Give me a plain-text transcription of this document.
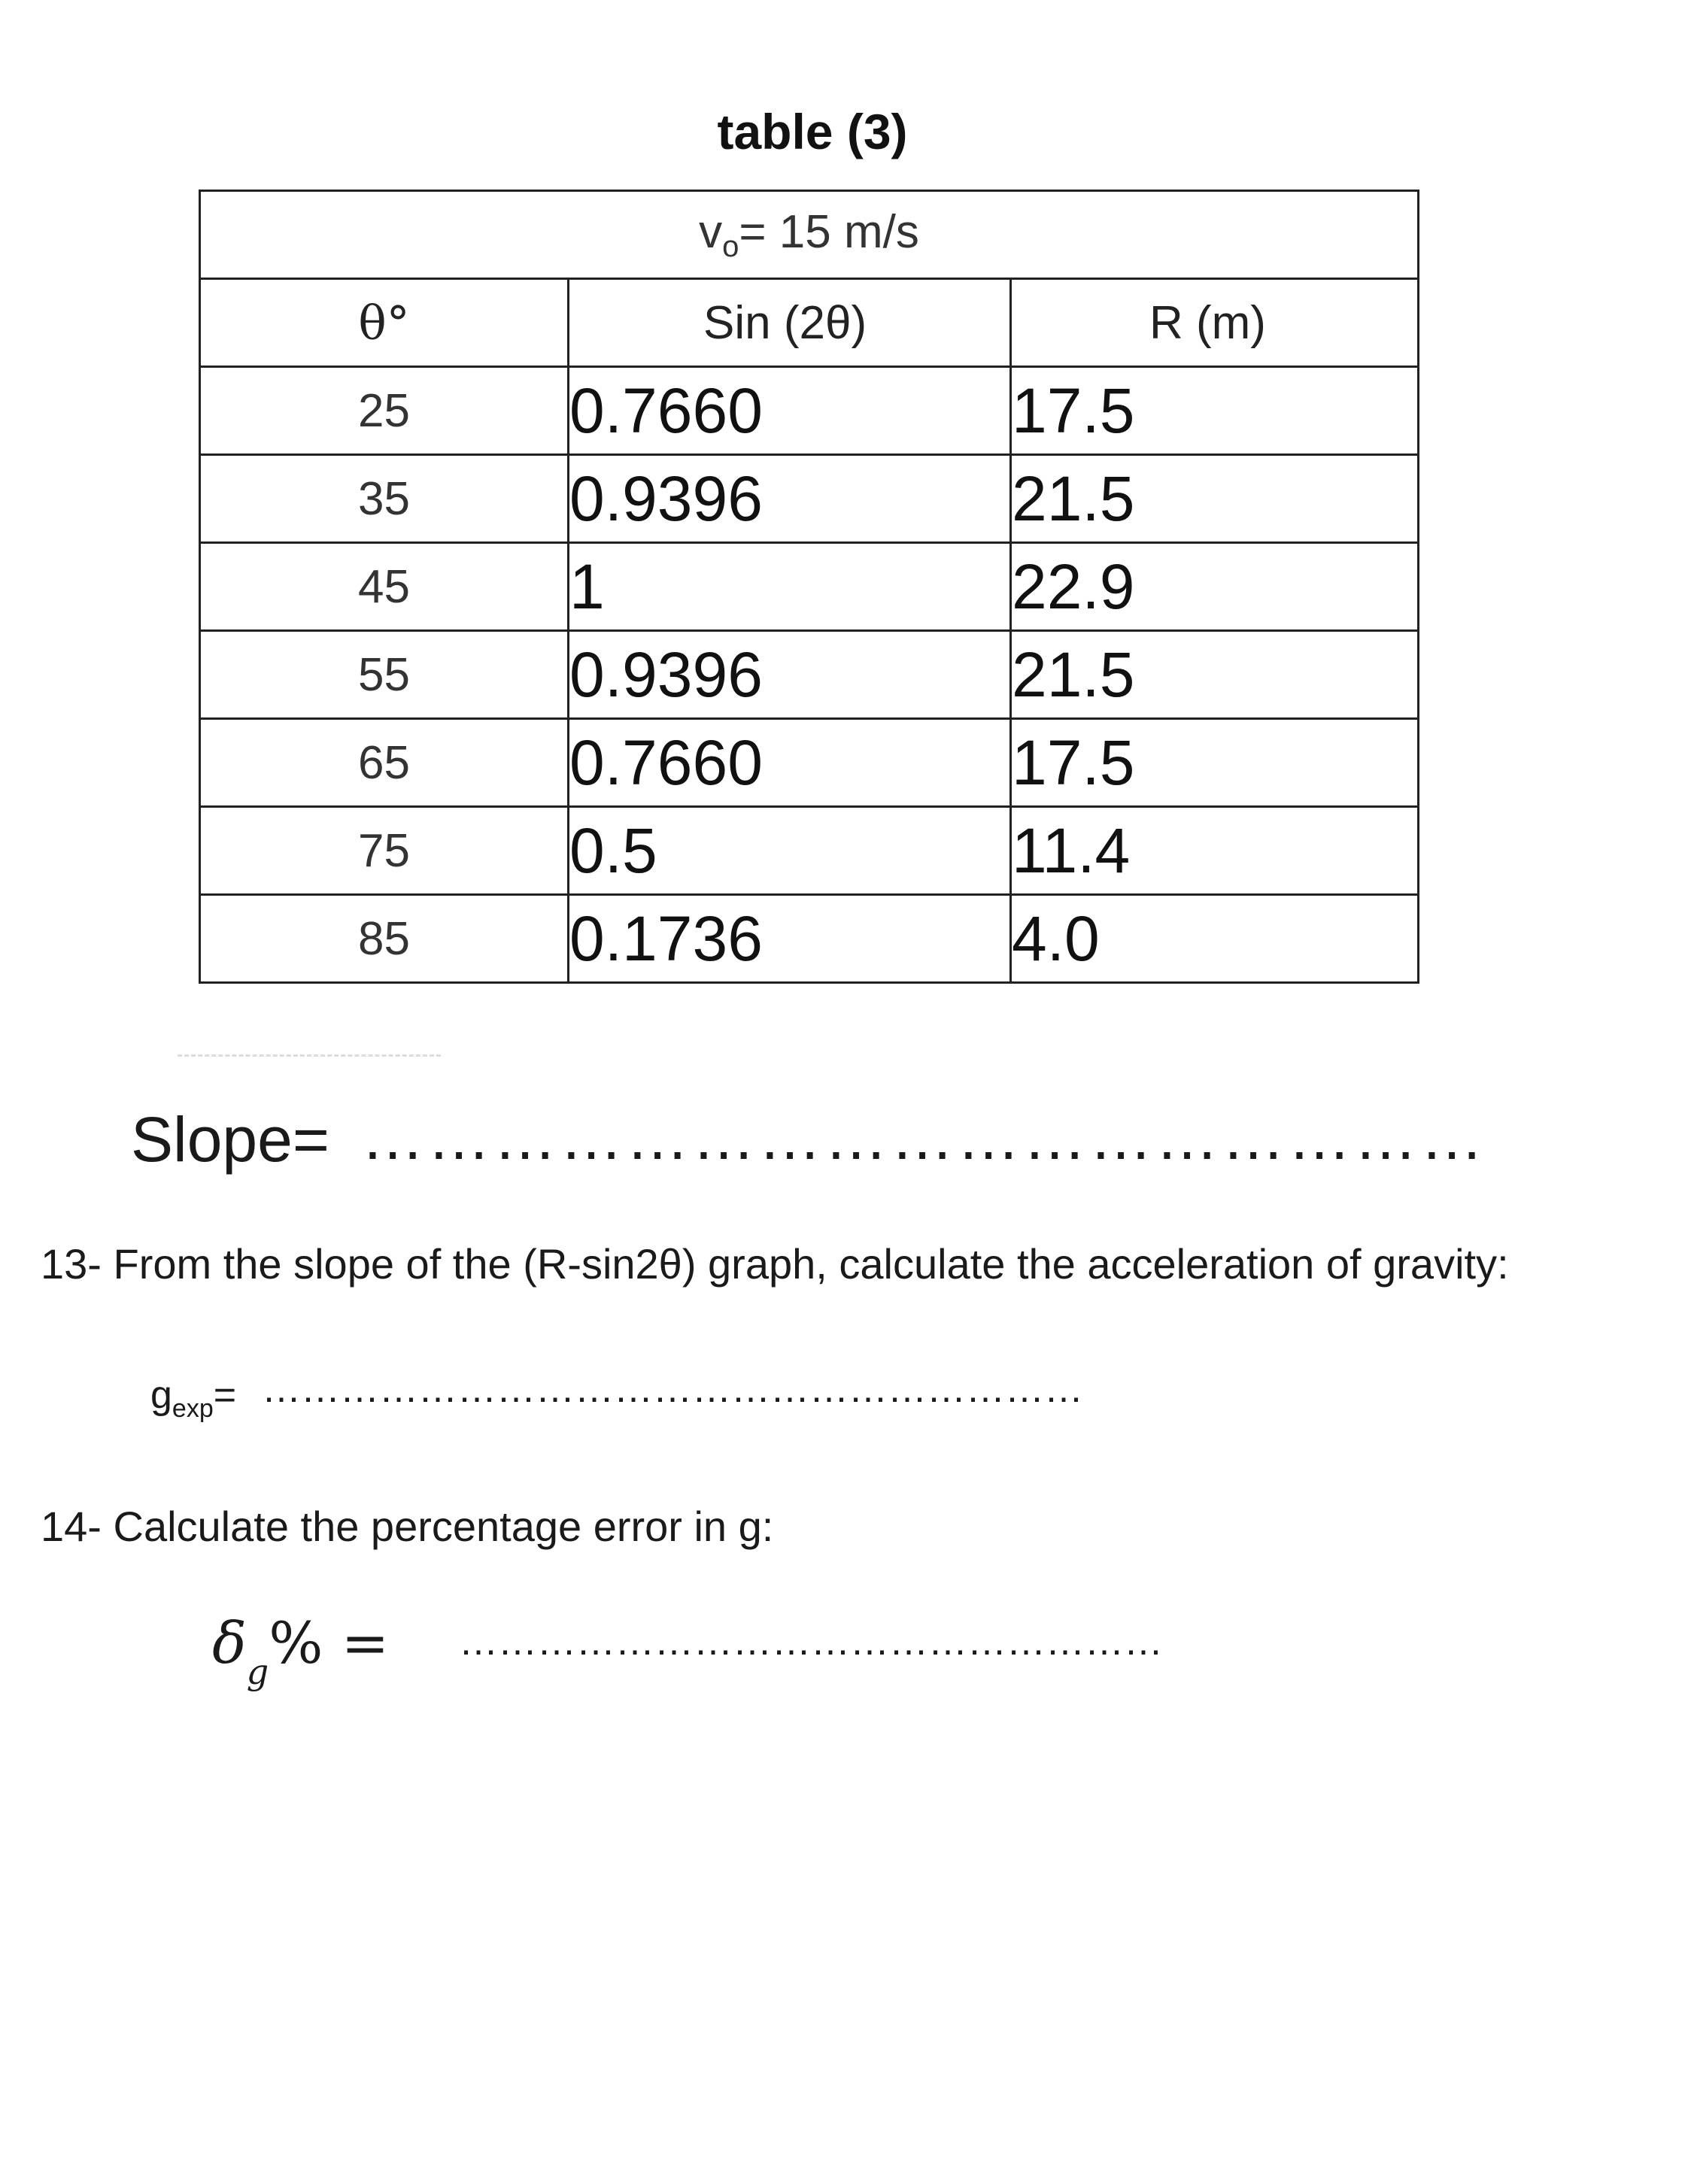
table (3)
$v_o= 15$ m/s		
θ°	Sin (2θ)	R (m)
25	0.7660	17.5
35	0.9396	21.5
45	1	22.9
55	0.9396	21.5
65	0.7660	17.5
75	0.5	11.4
85	0.1736	4.0
Slope= ……………………………………………
13- From the slope of the (R-sin2θ) graph, calculate the acceleration of gravity:
$g_{exp}=$ ………………………………………………………
14- Calculate the percentage error in g:
$\delta_g\%$ = ………………………………………………
